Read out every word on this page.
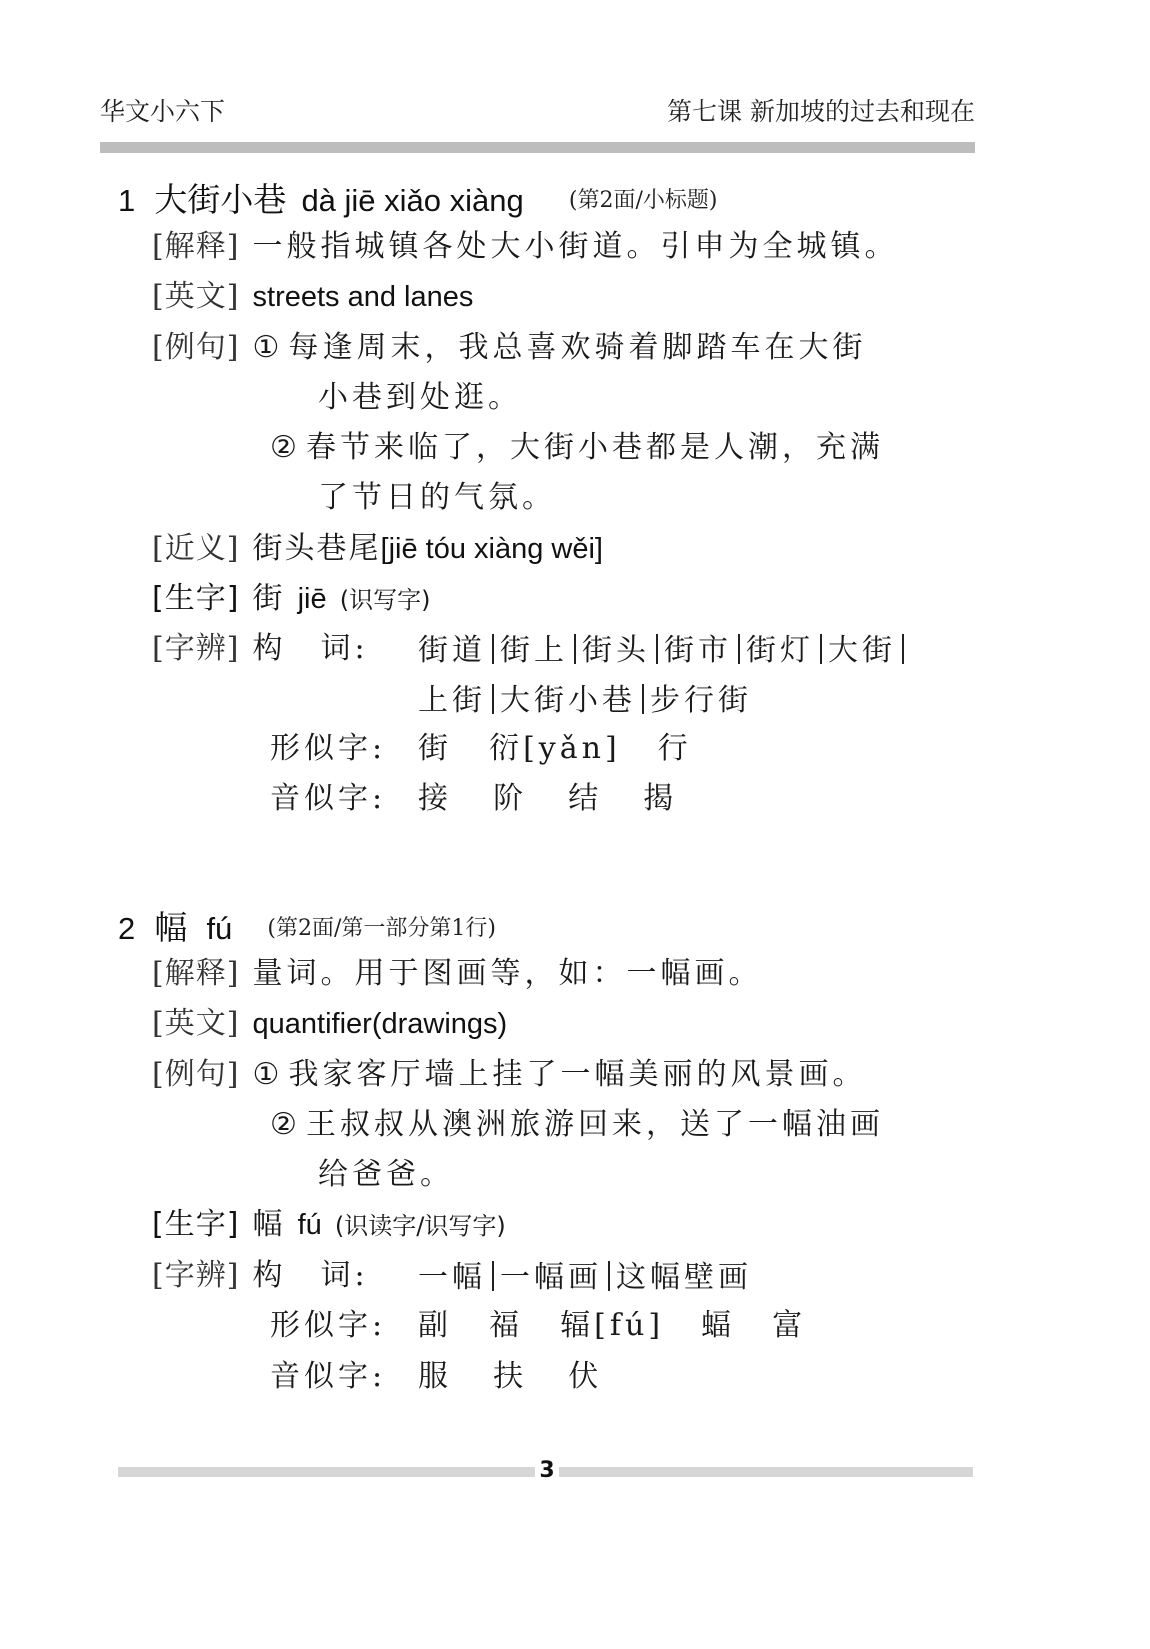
华文小六下	第七课 新加坡的过去和现在
1 大街小巷 dà jiē xiǎo xiàng (第2面/小标题)
[解释] 一般指城镇各处大小街道。引申为全城镇。
[英文] streets and lanes
[例句] ① 每逢周末，我总喜欢骑着脚踏车在大街
小巷到处逛。
② 春节来临了，大街小巷都是人潮，充满
了节日的气氛。
[近义] 街头巷尾[jiē tóu xiàng wěi]
[生字] 街 jiē (识写字)
[字辨] 构　词: 街道 街上 街头 街市 街灯 大街
上街 大街小巷 步行街
形似字: 街 衍[yǎn] 行
音似字: 接 阶 结 揭
2 幅 fú (第2面/第一部分第1行)
[解释] 量词。用于图画等，如：一幅画。
[英文] quantifier(drawings)
[例句] ① 我家客厅墙上挂了一幅美丽的风景画。
② 王叔叔从澳洲旅游回来，送了一幅油画
给爸爸。
[生字] 幅 fú (识读字/识写字)
[字辨] 构　词: 一幅 一幅画 这幅壁画
形似字: 副 福 辐[fú] 蝠 富
音似字: 服 扶 伏
3
